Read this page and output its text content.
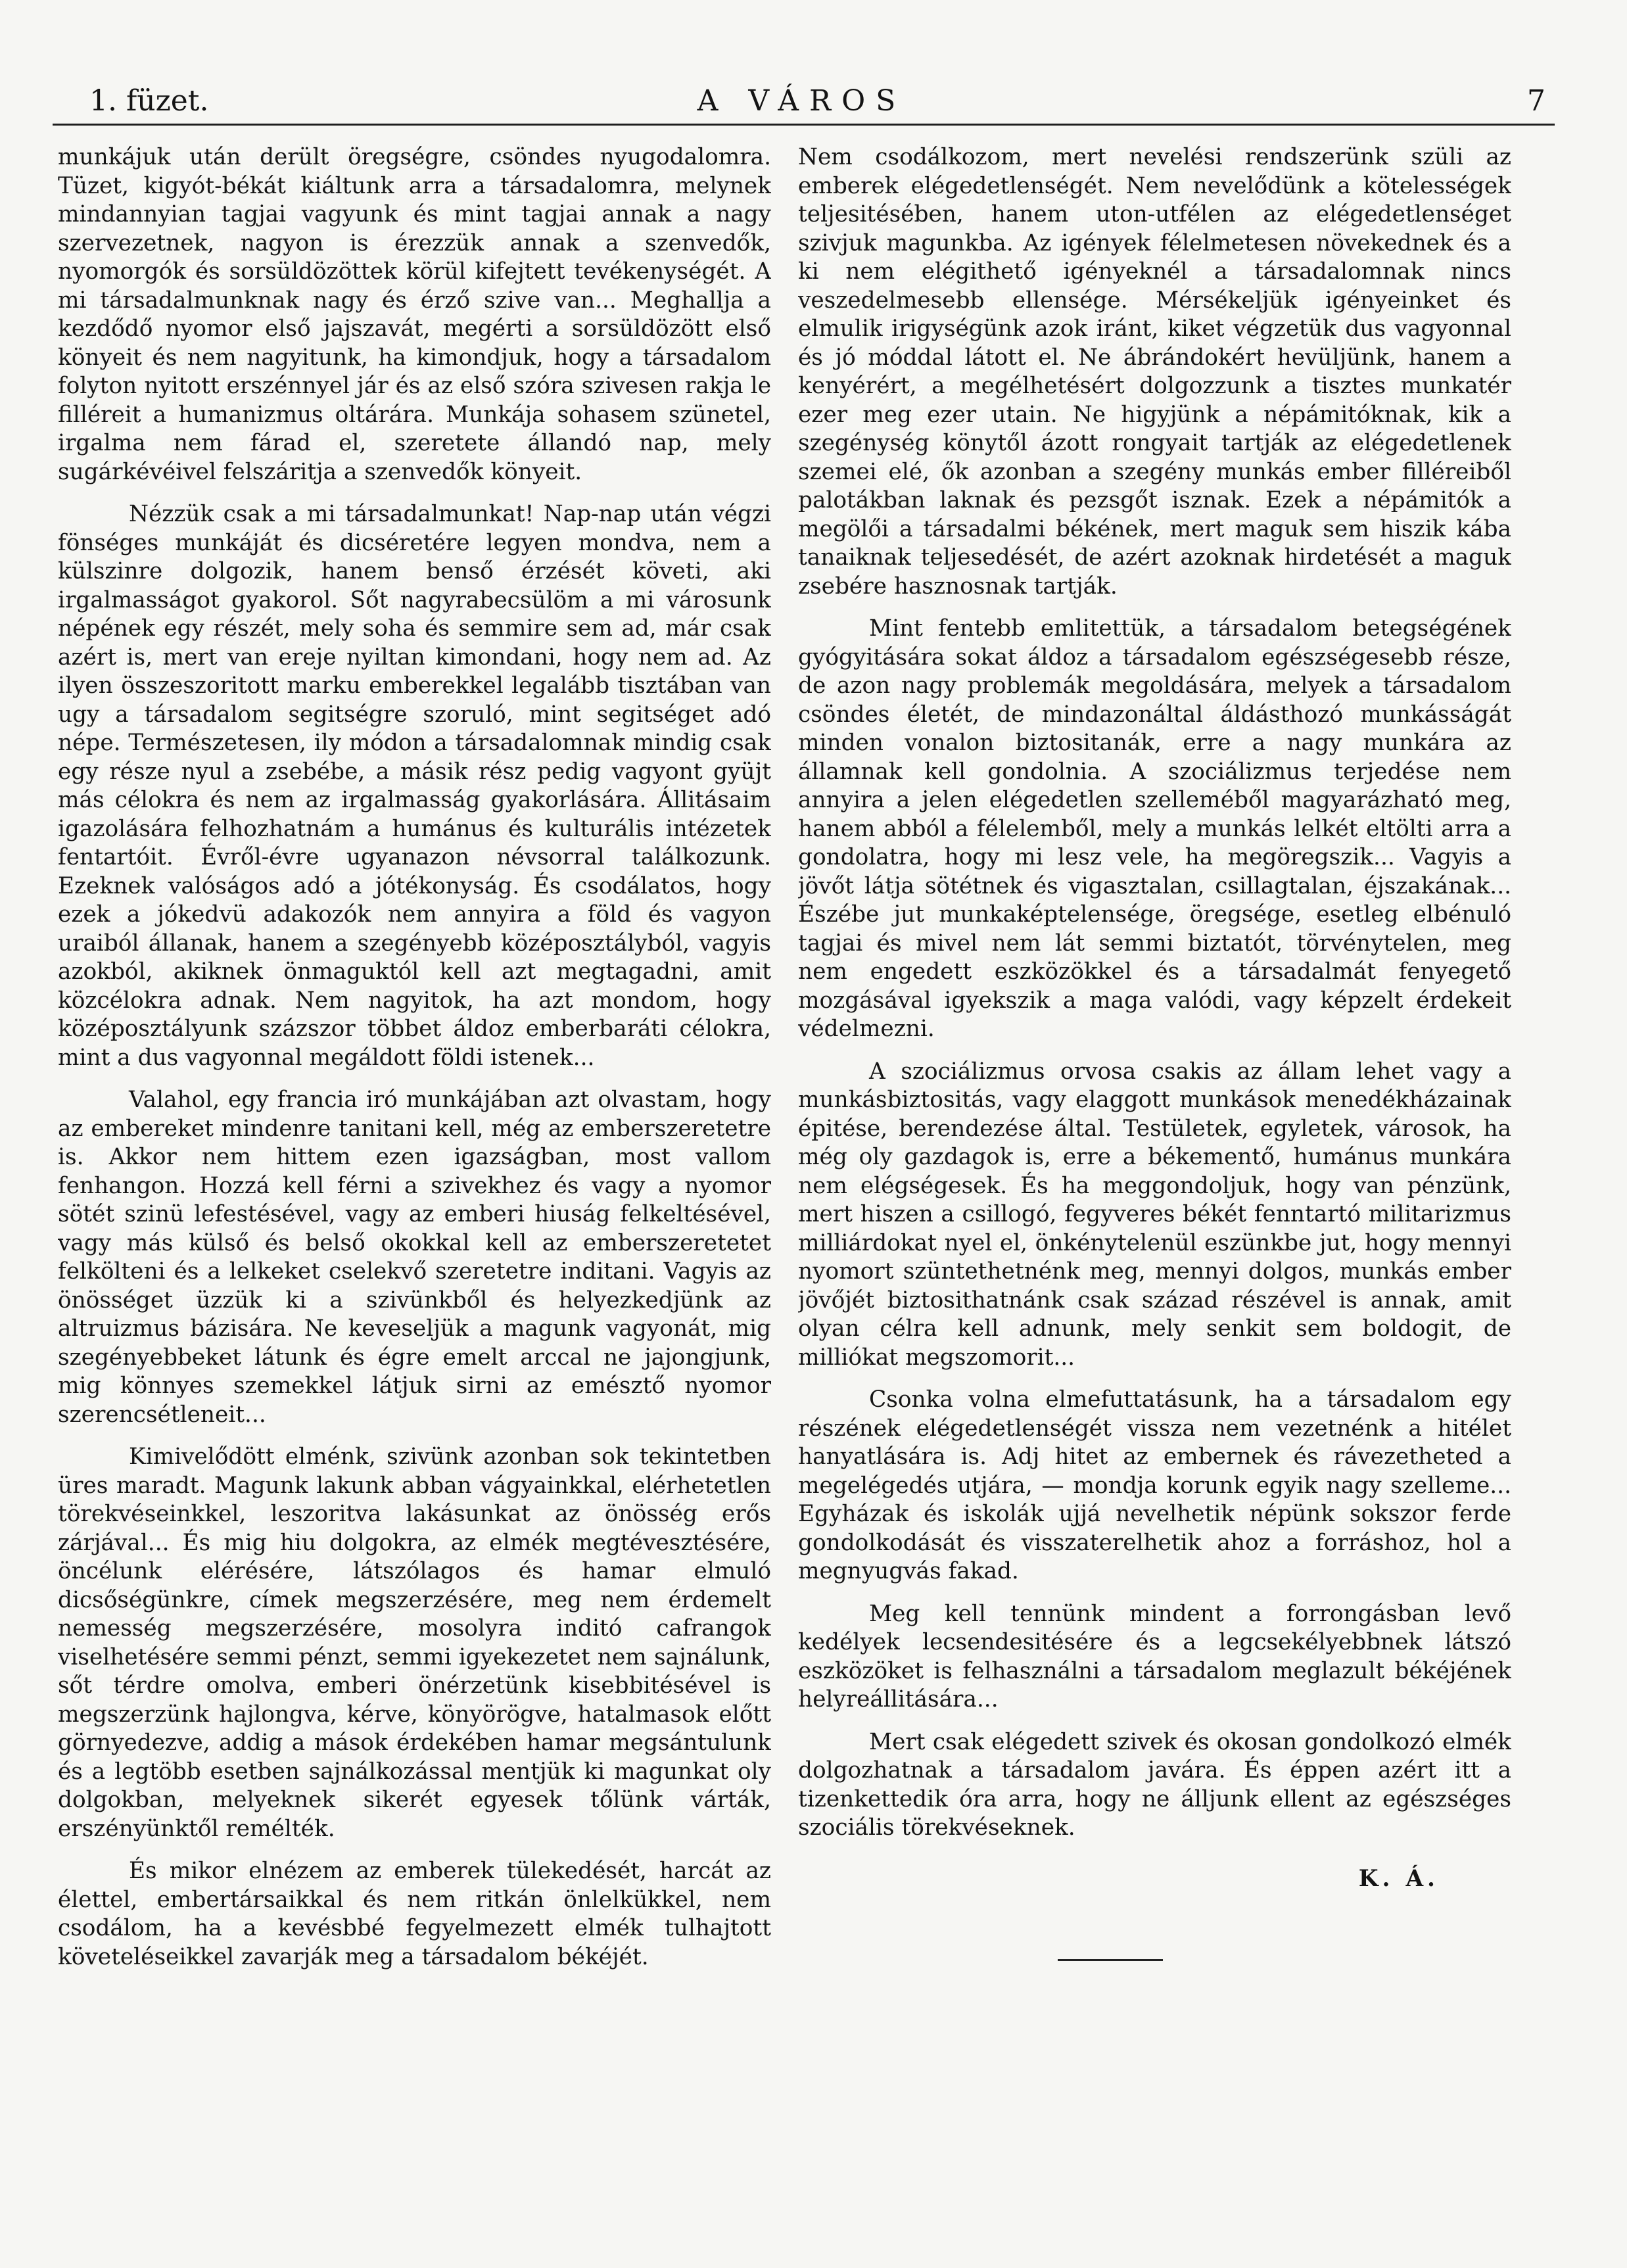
1. füzet.	A VÁROS	7

munkájuk után derült öregségre, csöndes nyugodalomra. Tüzet, kigyót-békát kiáltunk arra a társadalomra, melynek mindannyian tagjai vagyunk és mint tagjai annak a nagy szervezetnek, nagyon is érezzük annak a szenvedők, nyomorgók és sorsüldözöttek körül kifejtett tevékenységét. A mi társadalmunknak nagy és érző szive van... Meghallja a kezdődő nyomor első jajszavát, megérti a sorsüldözött első könyeit és nem nagyitunk, ha kimondjuk, hogy a társadalom folyton nyitott erszénnyel jár és az első szóra szivesen rakja le filléreit a humanizmus oltárára. Munkája sohasem szünetel, irgalma nem fárad el, szeretete állandó nap, mely sugárkévéivel felszáritja a szenvedők könyeit.

Nézzük csak a mi társadalmunkat! Nap-nap után végzi fönséges munkáját és dicséretére legyen mondva, nem a külszinre dolgozik, hanem benső érzését követi, aki irgalmasságot gyakorol. Sőt nagyrabecsülöm a mi városunk népének egy részét, mely soha és semmire sem ad, már csak azért is, mert van ereje nyiltan kimondani, hogy nem ad. Az ilyen összeszoritott marku emberekkel legalább tisztában van ugy a társadalom segitségre szoruló, mint segitséget adó népe. Természetesen, ily módon a társadalomnak mindig csak egy része nyul a zsebébe, a másik rész pedig vagyont gyüjt más célokra és nem az irgalmasság gyakorlására. Állitásaim igazolására felhozhatnám a humánus és kulturális intézetek fentartóit. Évről-évre ugyanazon névsorral találkozunk. Ezeknek valóságos adó a jótékonyság. És csodálatos, hogy ezek a jókedvü adakozók nem annyira a föld és vagyon uraiból állanak, hanem a szegényebb középosztályból, vagyis azokból, akiknek önmaguktól kell azt megtagadni, amit közcélokra adnak. Nem nagyitok, ha azt mondom, hogy középosztályunk százszor többet áldoz emberbaráti célokra, mint a dus vagyonnal megáldott földi istenek...

Valahol, egy francia iró munkájában azt olvastam, hogy az embereket mindenre tanitani kell, még az emberszeretetre is. Akkor nem hittem ezen igazságban, most vallom fenhangon. Hozzá kell férni a szivekhez és vagy a nyomor sötét szinü lefestésével, vagy az emberi hiuság felkeltésével, vagy más külső és belső okokkal kell az emberszeretetet felkölteni és a lelkeket cselekvő szeretetre inditani. Vagyis az önösséget üzzük ki a szivünkből és helyezkedjünk az altruizmus bázisára. Ne keveseljük a magunk vagyonát, mig szegényebbeket látunk és égre emelt arccal ne jajongjunk, mig könnyes szemekkel látjuk sirni az emésztő nyomor szerencsétleneit...

Kimivelődött elménk, szivünk azonban sok tekintetben üres maradt. Magunk lakunk abban vágyainkkal, elérhetetlen törekvéseinkkel, leszoritva lakásunkat az önösség erős zárjával... És mig hiu dolgokra, az elmék megtévesztésére, öncélunk elérésére, látszólagos és hamar elmuló dicsőségünkre, címek megszerzésére, meg nem érdemelt nemesség megszerzésére, mosolyra inditó cafrangok viselhetésére semmi pénzt, semmi igyekezetet nem sajnálunk, sőt térdre omolva, emberi önérzetünk kisebbitésével is megszerzünk hajlongva, kérve, könyörögve, hatalmasok előtt görnyedezve, addig a mások érdekében hamar megsántulunk és a legtöbb esetben sajnálkozással mentjük ki magunkat oly dolgokban, melyeknek sikerét egyesek tőlünk várták, erszényünktől remélték.

És mikor elnézem az emberek tülekedését, harcát az élettel, embertársaikkal és nem ritkán önlelkükkel, nem csodálom, ha a kevésbbé fegyelmezett elmék tulhajtott követeléseikkel zavarják meg a társadalom békéjét.

Nem csodálkozom, mert nevelési rendszerünk szüli az emberek elégedetlenségét. Nem nevelődünk a kötelességek teljesitésében, hanem uton-utfélen az elégedetlenséget szivjuk magunkba. Az igények félelmetesen növekednek és a ki nem elégithető igényeknél a társadalomnak nincs veszedelmesebb ellensége. Mérsékeljük igényeinket és elmulik irigységünk azok iránt, kiket végzetük dus vagyonnal és jó móddal látott el. Ne ábrándokért hevüljünk, hanem a kenyérért, a megélhetésért dolgozzunk a tisztes munkatér ezer meg ezer utain. Ne higyjünk a népámitóknak, kik a szegénység könytől ázott rongyait tartják az elégedetlenek szemei elé, ők azonban a szegény munkás ember filléreiből palotákban laknak és pezsgőt isznak. Ezek a népámitók a megölői a társadalmi békének, mert maguk sem hiszik kába tanaiknak teljesedését, de azért azoknak hirdetését a maguk zsebére hasznosnak tartják.

Mint fentebb emlitettük, a társadalom betegségének gyógyitására sokat áldoz a társadalom egészségesebb része, de azon nagy problemák megoldására, melyek a társadalom csöndes életét, de mindazonáltal áldásthozó munkásságát minden vonalon biztositanák, erre a nagy munkára az államnak kell gondolnia. A szociálizmus terjedése nem annyira a jelen elégedetlen szelleméből magyarázható meg, hanem abból a félelemből, mely a munkás lelkét eltölti arra a gondolatra, hogy mi lesz vele, ha megöregszik... Vagyis a jövőt látja sötétnek és vigasztalan, csillagtalan, éjszakának... Észébe jut munkaképtelensége, öregsége, esetleg elbénuló tagjai és mivel nem lát semmi biztatót, törvénytelen, meg nem engedett eszközökkel és a társadalmát fenyegető mozgásával igyekszik a maga valódi, vagy képzelt érdekeit védelmezni.

A szociálizmus orvosa csakis az állam lehet vagy a munkásbiztositás, vagy elaggott munkások menedékházainak épitése, berendezése által. Testületek, egyletek, városok, ha még oly gazdagok is, erre a békementő, humánus munkára nem elégségesek. És ha meggondoljuk, hogy van pénzünk, mert hiszen a csillogó, fegyveres békét fenntartó militarizmus milliárdokat nyel el, önkénytelenül eszünkbe jut, hogy mennyi nyomort szüntethetnénk meg, mennyi dolgos, munkás ember jövőjét biztosithatnánk csak század részével is annak, amit olyan célra kell adnunk, mely senkit sem boldogit, de milliókat megszomorit...

Csonka volna elmefuttatásunk, ha a társadalom egy részének elégedetlenségét vissza nem vezetnénk a hitélet hanyatlására is. Adj hitet az embernek és rávezetheted a megelégedés utjára, — mondja korunk egyik nagy szelleme... Egyházak és iskolák ujjá nevelhetik népünk sokszor ferde gondolkodását és visszaterelhetik ahoz a forráshoz, hol a megnyugvás fakad.

Meg kell tennünk mindent a forrongásban levő kedélyek lecsendesitésére és a legcsekélyebbnek látszó eszközöket is felhasználni a társadalom meglazult békéjének helyreállitására...

Mert csak elégedett szivek és okosan gondolkozó elmék dolgozhatnak a társadalom javára. És éppen azért itt a tizenkettedik óra arra, hogy ne álljunk ellent az egészséges szociális törekvéseknek.

K. Á.
